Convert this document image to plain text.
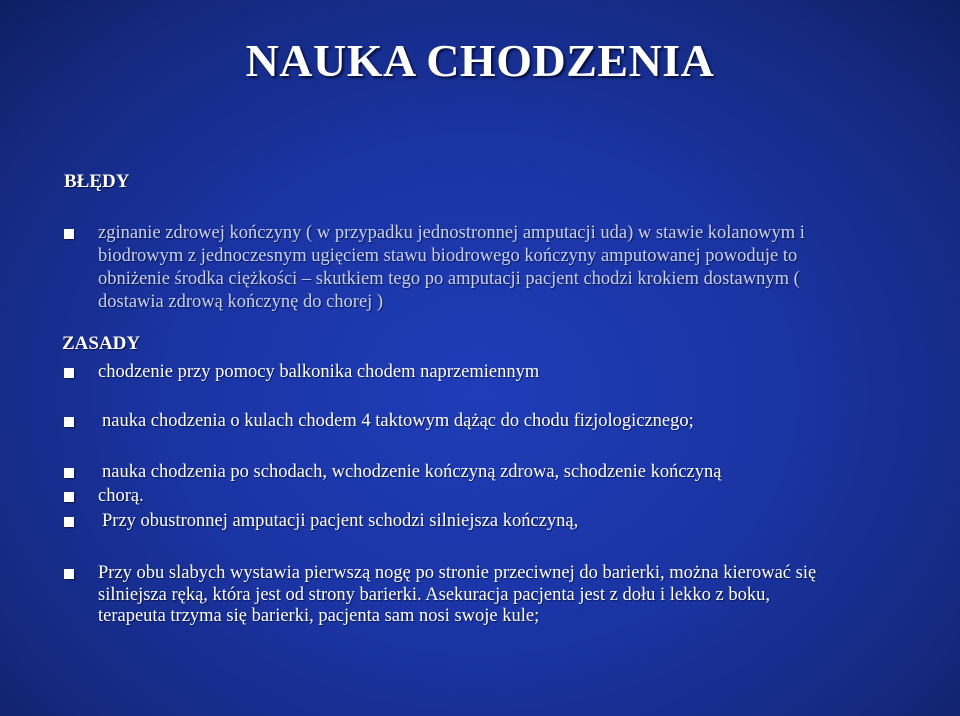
NAUKA CHODZENIA
BŁĘDY
zginanie zdrowej kończyny ( w przypadku jednostronnej amputacji uda) w stawie kolanowym i
biodrowym z jednoczesnym ugięciem stawu biodrowego kończyny amputowanej powoduje to
obniżenie środka ciężkości – skutkiem tego po amputacji pacjent chodzi krokiem dostawnym (
dostawia zdrową kończynę do chorej )
ZASADY
chodzenie przy pomocy balkonika chodem naprzemiennym
nauka chodzenia o kulach chodem 4 taktowym dążąc do chodu fizjologicznego;
nauka chodzenia po schodach, wchodzenie kończyną zdrowa, schodzenie kończyną
chorą.
Przy obustronnej amputacji pacjent schodzi silniejsza kończyną,
Przy obu slabych wystawia pierwszą nogę po stronie przeciwnej do barierki, można kierować się
silniejsza ręką, która jest od strony barierki. Asekuracja pacjenta jest z dołu i lekko z boku,
terapeuta trzyma się barierki, pacjenta sam nosi swoje kule;
